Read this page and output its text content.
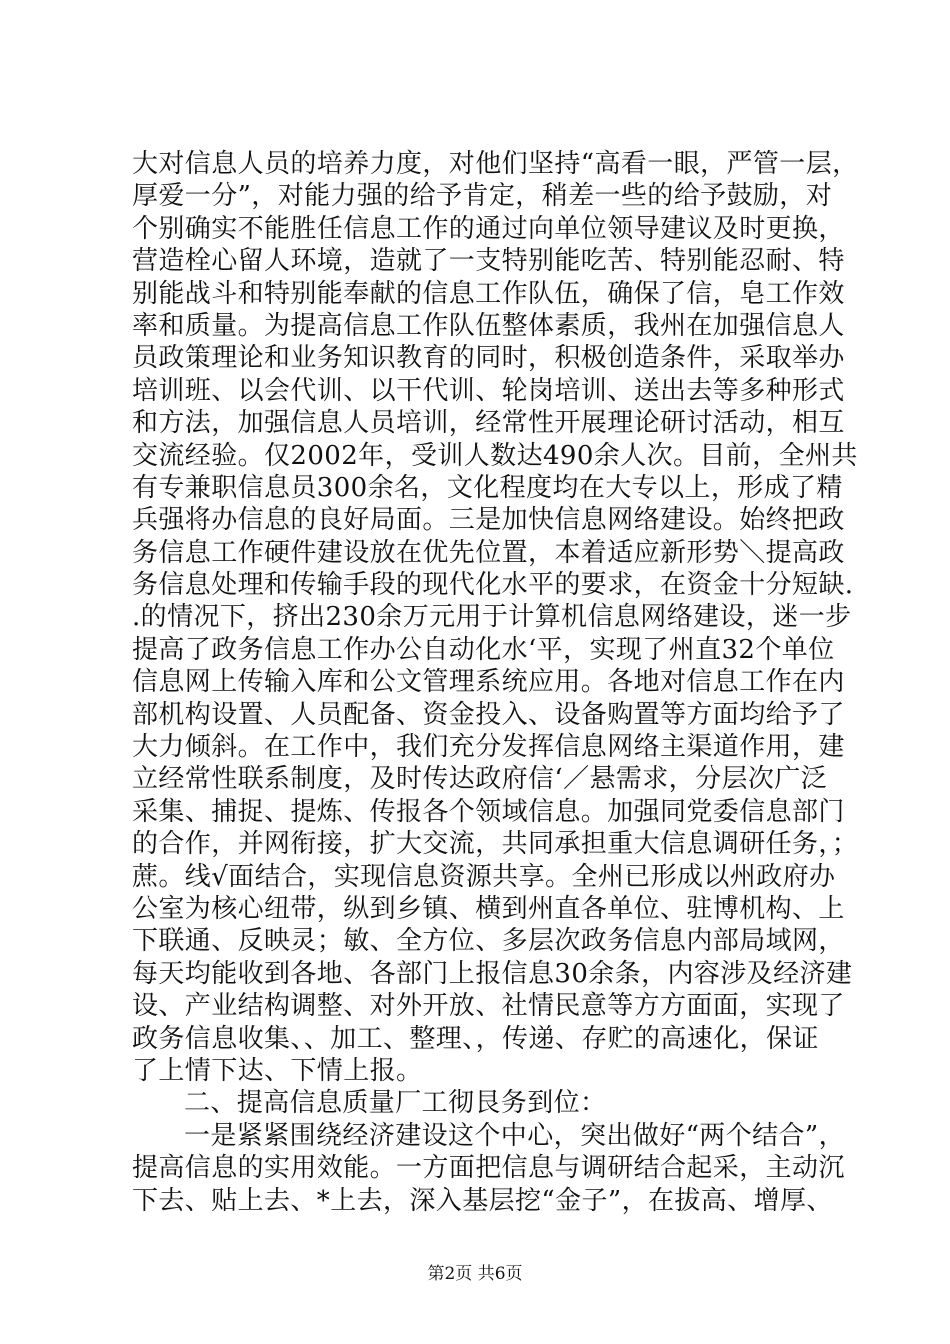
大对信息人员的培养力度，对他们坚持“高看一眼，严管一层，
厚爱一分”，对能力强的给予肯定，稍差一些的给予鼓励，对
个别确实不能胜任信息工作的通过向单位领导建议及时更换，
营造栓心留人环境，造就了一支特别能吃苦、特别能忍耐、特
别能战斗和特别能奉献的信息工作队伍，确保了信，皂工作效
率和质量。为提高信息工作队伍整体素质，我州在加强信息人
员政策理论和业务知识教育的同时，积极创造条件，采取举办
培训班、以会代训、以干代训、轮岗培训、送出去等多种形式
和方法，加强信息人员培训，经常性开展理论研讨活动，相互
交流经验。仅2002年，受训人数达490余人次。目前，全州共
有专兼职信息员300余名，文化程度均在大专以上，形成了精
兵强将办信息的良好局面。三是加快信息网络建设。始终把政
务信息工作硬件建设放在优先位置，本着适应新形势＼提高政
务信息处理和传输手段的现代化水平的要求，在资金十分短缺.
.的情况下，挤出230余万元用于计算机信息网络建设，迷一步
提高了政务信息工作办公自动化水‘平，实现了州直32个单位
信息网上传输入库和公文管理系统应用。各地对信息工作在内
部机构设置、人员配备、资金投入、设备购置等方面均给予了
大力倾斜。在工作中，我们充分发挥信息网络主渠道作用，建
立经常性联系制度，及时传达政府信‘／悬需求，分层次广泛
采集、捕捉、提炼、传报各个领域信息。加强同党委信息部门
的合作，并网衔接，扩大交流，共同承担重大信息调研任务，；
蔗。线√面结合，实现信息资源共享。全州已形成以州政府办
公室为核心纽带，纵到乡镇、横到州直各单位、驻博机构、上
下联通、反映灵；敏、全方位、多层次政务信息内部局域网，
每天均能收到各地、各部门上报信息30余条，内容涉及经济建
设、产业结构调整、对外开放、社情民意等方方面面，实现了
政务信息收集、、加工、整理、，传递、存贮的高速化，保证
了上情下达、下情上报。
二、提高信息质量厂工彻艮务到位：
一是紧紧围绕经济建设这个中心，突出做好“两个结合”，
提高信息的实用效能。一方面把信息与调研结合起采，主动沉
下去、贴上去、*上去，深入基层挖“金子”，在拔高、增厚、
第2页 共6页
